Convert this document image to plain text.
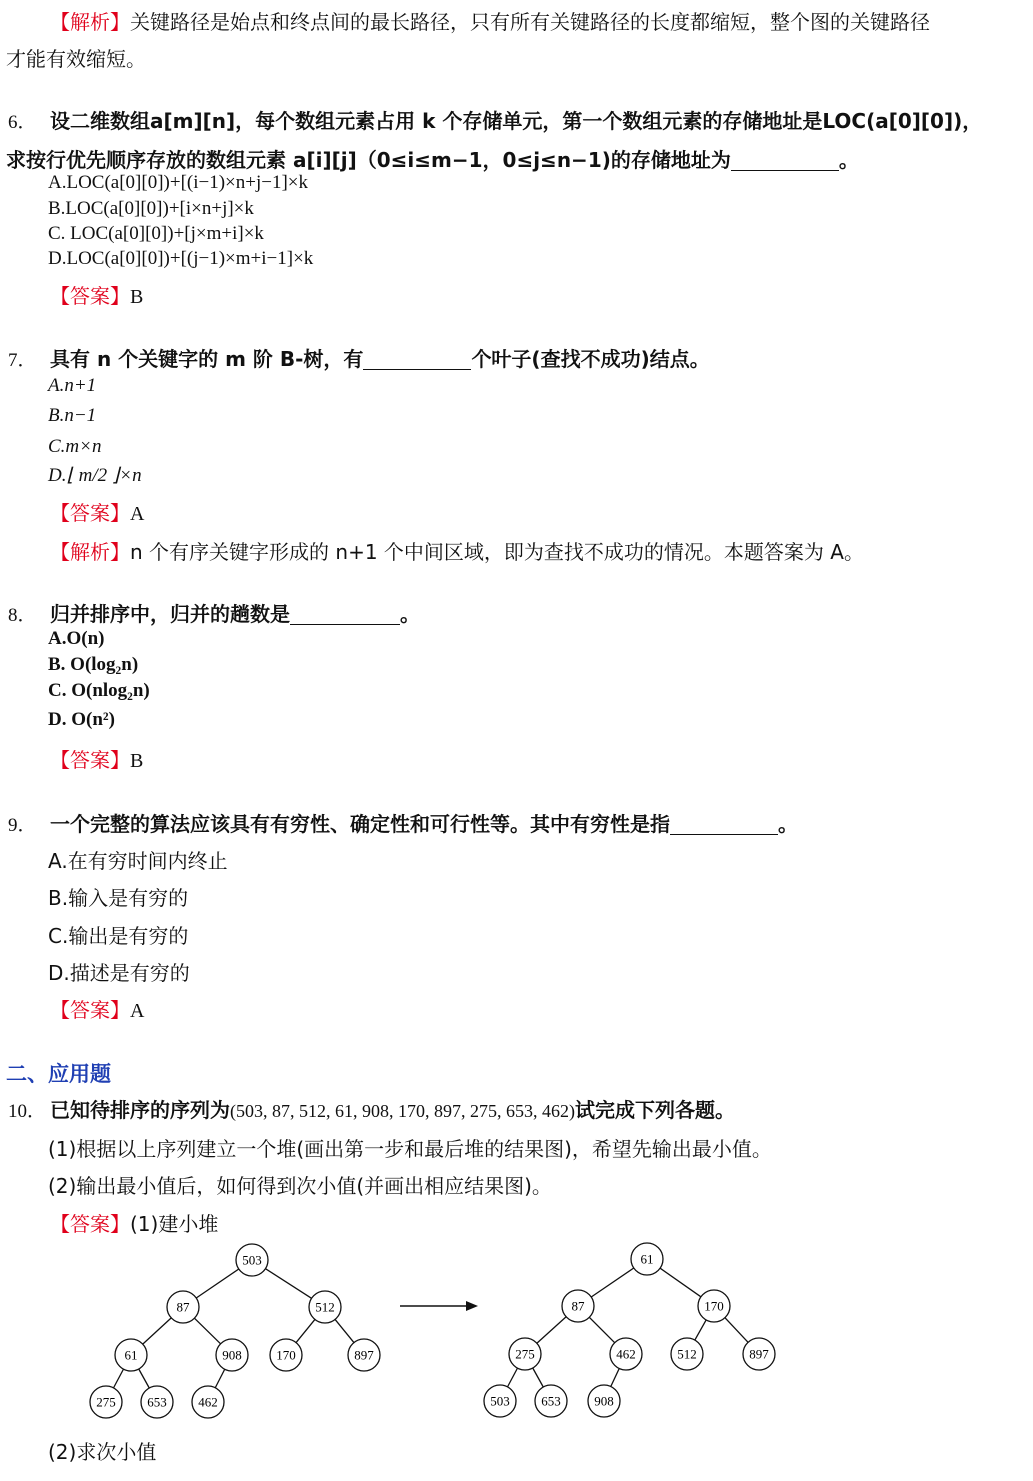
【解析】关键路径是始点和终点间的最长路径，只有所有关键路径的长度都缩短，整个图的关键路径
才能有效缩短。
6． 设二维数组a[m][n]，每个数组元素占用 k 个存储单元，第一个数组元素的存储地址是LOC(a[0][0])，
求按行优先顺序存放的数组元素 a[i][j]（0≤i≤m−1，0≤j≤n−1)的存储地址为	。
A.LOC(a[0][0])+[(i−1)×n+j−1]×k
B.LOC(a[0][0])+[i×n+j]×k
C. LOC(a[0][0])+[j×m+i]×k
D.LOC(a[0][0])+[(j−1)×m+i−1]×k
【答案】B
7． 具有 n 个关键字的 m 阶 B-树，有	个叶子(查找不成功)结点。
A.n+1
B.n−1
C.m×n
D.⌊ m/2 ⌋×n
【答案】A
【解析】n 个有序关键字形成的 n+1 个中间区域，即为查找不成功的情况。本题答案为 A。
8． 归并排序中，归并的趟数是	。
A.O(n)
B. O(log₂n)
C. O(nlog₂n)
D. O(n²)
【答案】B
9． 一个完整的算法应该具有有穷性、确定性和可行性等。其中有穷性是指	。
A.在有穷时间内终止
B.输入是有穷的
C.输出是有穷的
D.描述是有穷的
【答案】A
二、应用题
10． 已知待排序的序列为(503, 87, 512, 61, 908, 170, 897, 275, 653, 462)试完成下列各题。
(1)根据以上序列建立一个堆(画出第一步和最后堆的结果图)，希望先输出最小值。
(2)输出最小值后，如何得到次小值(并画出相应结果图)。
【答案】(1)建小堆
503
87	512
61	908	170	897
275 653 462
61
87	170
275	462	512	897
503 653	908
(2)求次小值
